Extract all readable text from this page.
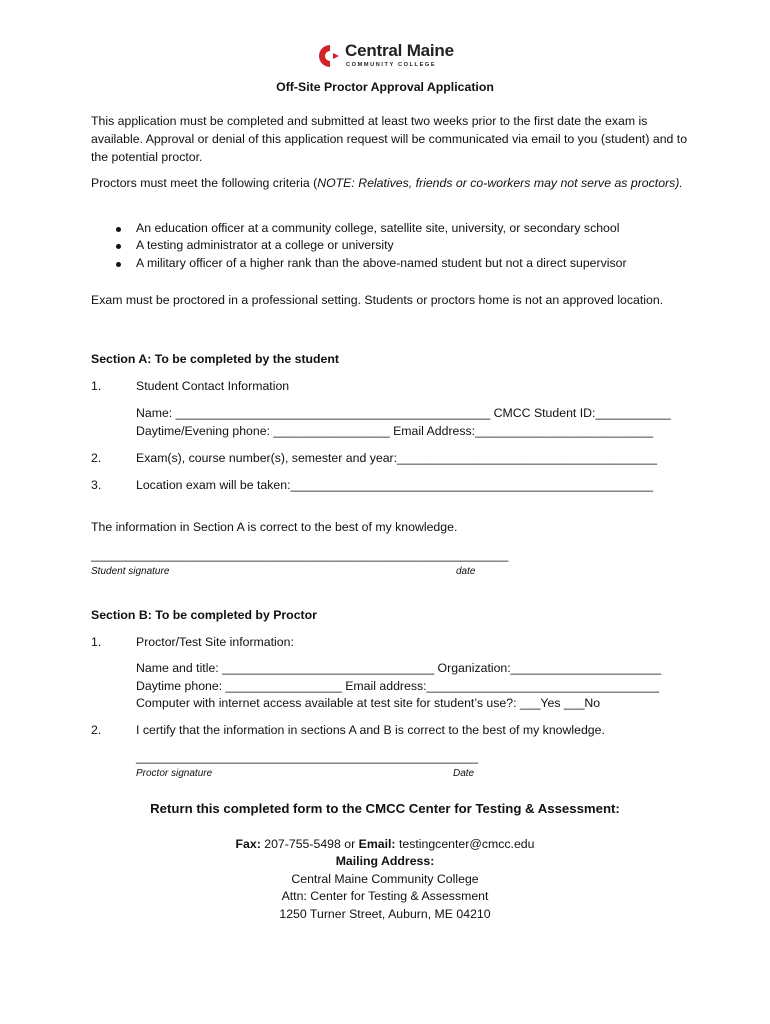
Central Maine
COMMUNITY COLLEGE
Off-Site Proctor Approval Application
This application must be completed and submitted at least two weeks prior to the first date the exam is available. Approval or denial of this application request will be communicated via email to you (student) and to the potential proctor.
Proctors must meet the following criteria (NOTE: Relatives, friends or co-workers may not serve as proctors).
An education officer at a community college, satellite site, university, or secondary school
A testing administrator at a college or university
A military officer of a higher rank than the above-named student but not a direct supervisor
Exam must be proctored in a professional setting. Students or proctors home is not an approved location.
Section A: To be completed by the student
1.	Student Contact Information
Name: ______________________________________________ CMCC Student ID:___________
Daytime/Evening phone: _________________ Email Address:__________________________
2.	Exam(s), course number(s), semester and year:______________________________________
3.	Location exam will be taken:_____________________________________________________
The information in Section A is correct to the best of my knowledge.
_____________________________________________________________
Student signature	date
Section B: To be completed by Proctor
1.	Proctor/Test Site information:
Name and title: _______________________________ Organization:______________________
Daytime phone: _________________ Email address:__________________________________
Computer with internet access available at test site for student’s use?: ___Yes ___No
2.	I certify that the information in sections A and B is correct to the best of my knowledge.
__________________________________________________
Proctor signature	Date
Return this completed form to the CMCC Center for Testing & Assessment:
Fax: 207-755-5498 or Email: testingcenter@cmcc.edu
Mailing Address:
Central Maine Community College
Attn: Center for Testing & Assessment
1250 Turner Street, Auburn, ME 04210
